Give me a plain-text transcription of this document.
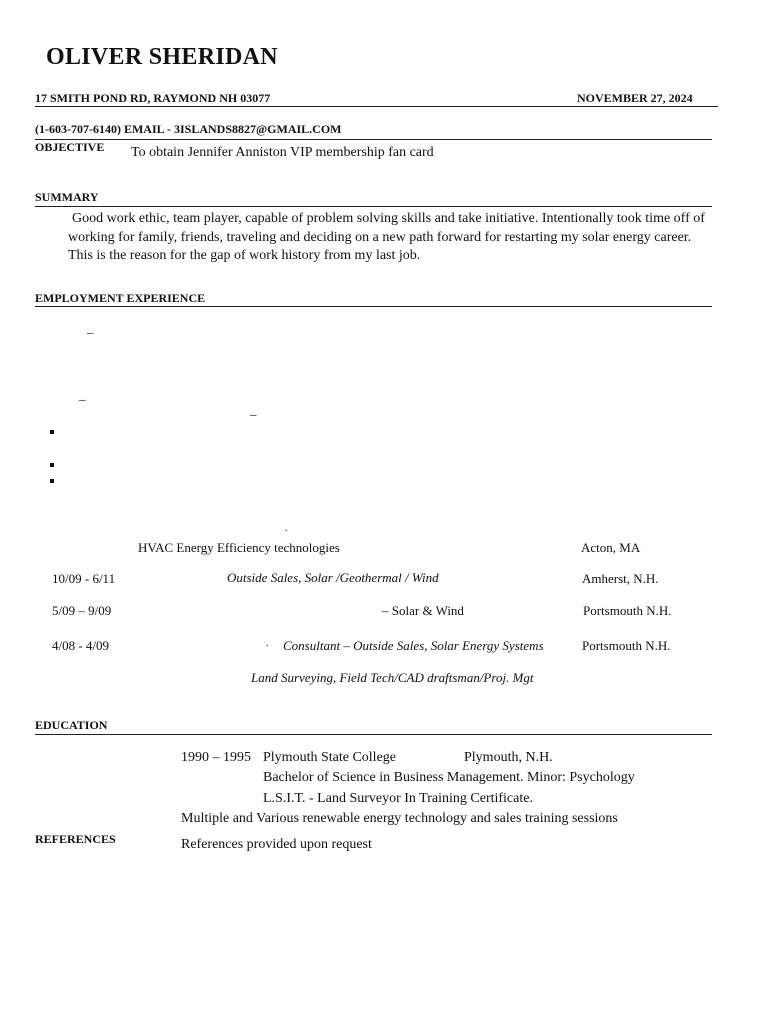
OLIVER SHERIDAN
17 SMITH POND RD, RAYMOND NH 03077	NOVEMBER 27, 2024
(1-603-707-6140) EMAIL - 3ISLANDS8827@GMAIL.COM
OBJECTIVE To obtain Jennifer Anniston VIP membership fan card
SUMMARY
Good work ethic, team player, capable of problem solving skills and take initiative. Intentionally took time off of working for family, friends, traveling and deciding on a new path forward for restarting my solar energy career. This is the reason for the gap of work history from my last job.
EMPLOYMENT EXPERIENCE
_
_
_
.
HVAC Energy Efficiency technologies	Acton, MA
10/09 - 6/11	Outside Sales, Solar /Geothermal / Wind	Amherst, N.H.
5/09 – 9/09	– Solar & Wind	Portsmouth N.H.
4/08 - 4/09	. Consultant – Outside Sales, Solar Energy Systems	Portsmouth N.H.
Land Surveying, Field Tech/CAD draftsman/Proj. Mgt
EDUCATION
1990 – 1995 Plymouth State College	Plymouth, N.H.
Bachelor of Science in Business Management. Minor: Psychology
L.S.I.T. - Land Surveyor In Training Certificate.
Multiple and Various renewable energy technology and sales training sessions
REFERENCES	References provided upon request
